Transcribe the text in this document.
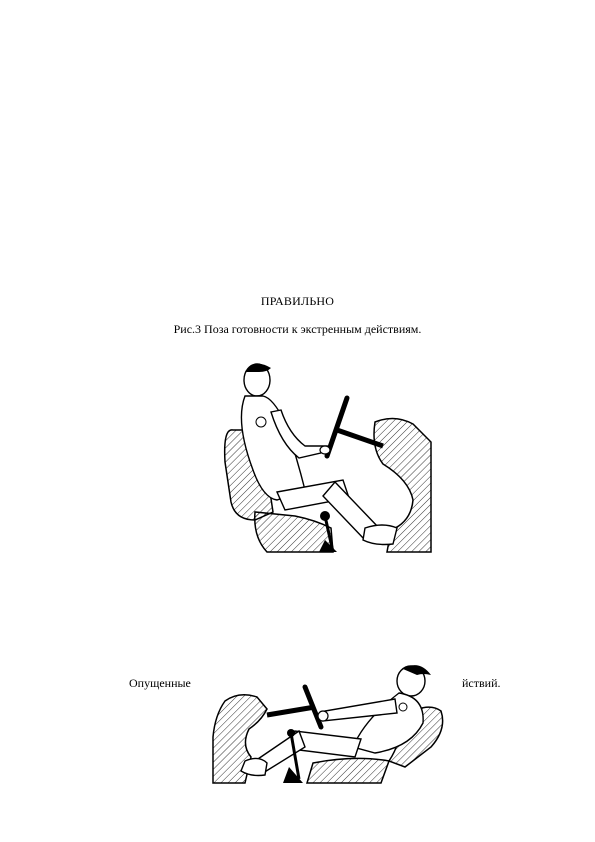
ПРАВИЛЬНО
Рис.3 Поза готовности к экстренным действиям.
Опущенные	йствий.
